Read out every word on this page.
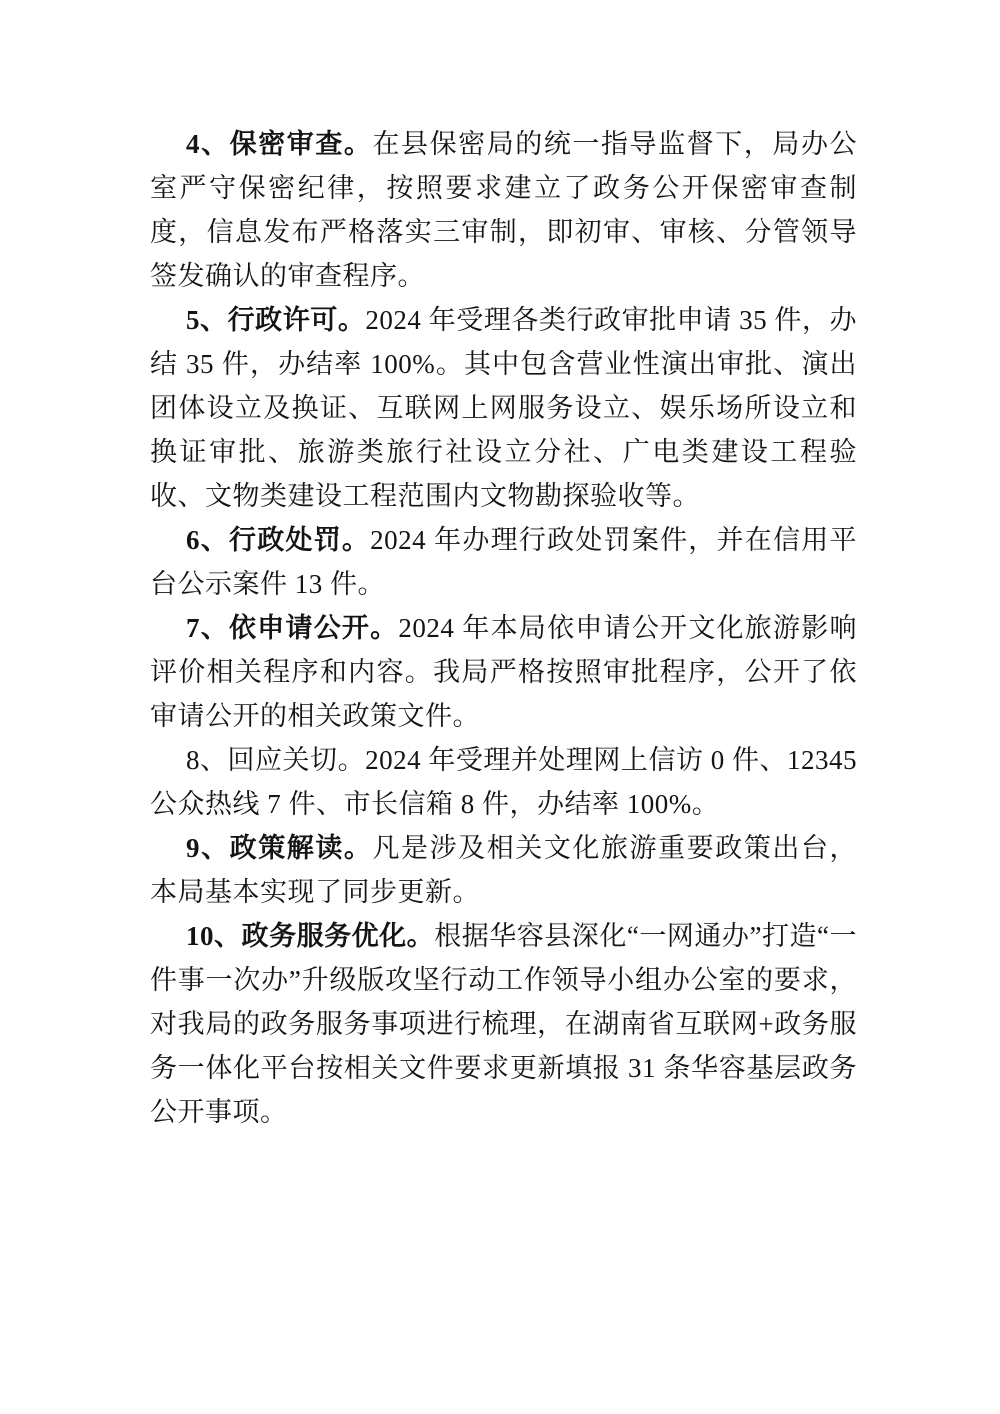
4、保密审查。在县保密局的统一指导监督下，局办公室严守保密纪律，按照要求建立了政务公开保密审查制度，信息发布严格落实三审制，即初审、审核、分管领导签发确认的审查程序。

5、行政许可。2024 年受理各类行政审批申请 35 件，办结 35 件，办结率 100%。其中包含营业性演出审批、演出团体设立及换证、互联网上网服务设立、娱乐场所设立和换证审批、旅游类旅行社设立分社、广电类建设工程验收、文物类建设工程范围内文物勘探验收等。

6、行政处罚。2024 年办理行政处罚案件，并在信用平台公示案件 13 件。

7、依申请公开。2024 年本局依申请公开文化旅游影响评价相关程序和内容。我局严格按照审批程序，公开了依审请公开的相关政策文件。

8、回应关切。2024 年受理并处理网上信访 0 件、12345 公众热线 7 件、市长信箱 8 件，办结率 100%。

9、政策解读。凡是涉及相关文化旅游重要政策出台，本局基本实现了同步更新。

10、政务服务优化。根据华容县深化“一网通办”打造“一件事一次办”升级版攻坚行动工作领导小组办公室的要求，对我局的政务服务事项进行梳理，在湖南省互联网+政务服务一体化平台按相关文件要求更新填报 31 条华容基层政务公开事项。
